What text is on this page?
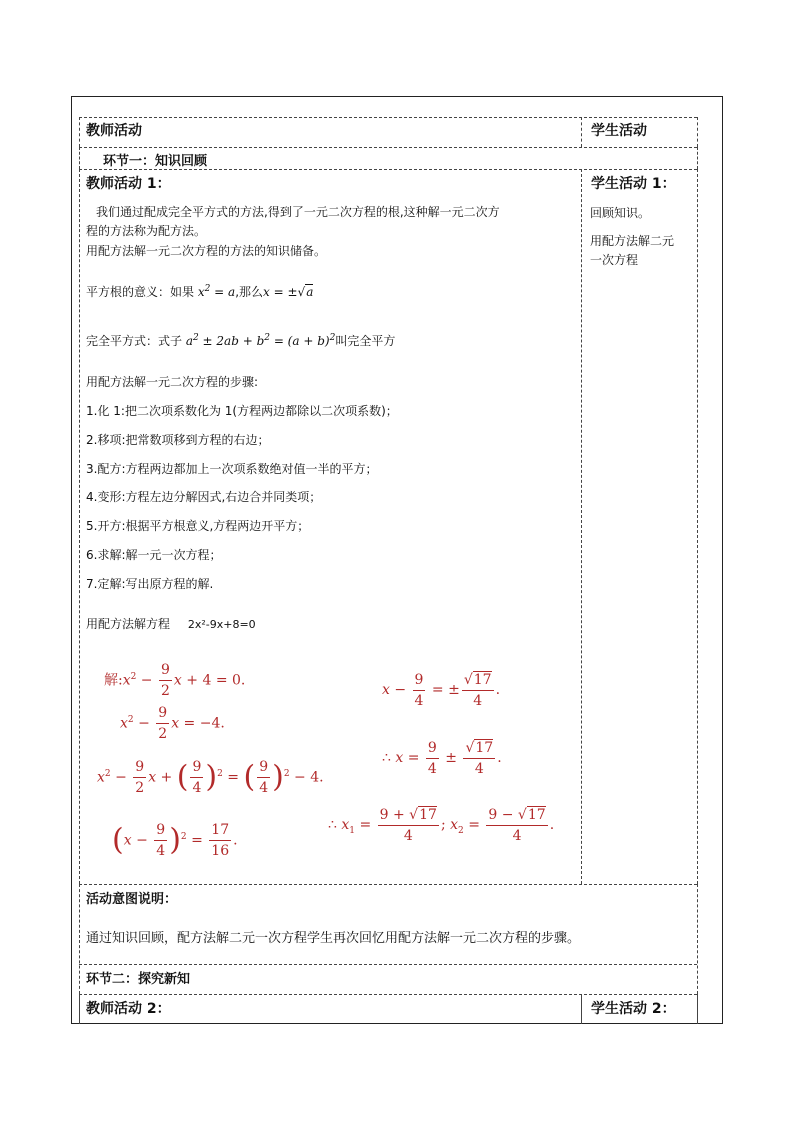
教师活动	学生活动
环节一：知识回顾
教师活动 1：
我们通过配成完全平方式的方法,得到了一元二次方程的根,这种解一元二次方
程的方法称为配方法。
用配方法解一元二次方程的方法的知识储备。
平方根的意义：如果 $x^2 = a$,那么x = ±√a
完全平方式：式子 $a^2 \pm 2ab + b^2 = (a + b)^2$叫完全平方
用配方法解一元二次方程的步骤:
1.化 1:把二次项系数化为 1(方程两边都除以二次项系数)；
2.移项:把常数项移到方程的右边；
3.配方:方程两边都加上一次项系数绝对值一半的平方；
4.变形:方程左边分解因式,右边合并同类项；
5.开方:根据平方根意义,方程两边开平方；
6.求解:解一元一次方程；
7.定解:写出原方程的解.
用配方法解方程 2x²-9x+8=0
解$:x^2 - \frac{9}{2}$ x + 4 = 0.
$x^2 - \frac{9}{2}$ x = −4.
$x^2 - \frac{9}{2}$ x + ( $\frac{9}{4} )^2$ = ( $\frac{9}{4} )^2 - 4$.
$(x - \frac{9}{4} )^2 = \frac{17}{16}$ .
$x - \frac{9}{4}$ = ± $\frac{√17}{4}$ .
∴ $x = \frac{9}{4} \pm \frac{√17}{4}$ .
∴ $x_1 = \frac{9 + √17}{4}$ ; $x_2 = \frac{9 - √17}{4}$ .
学生活动 1：
回顾知识。
用配方法解二元
一次方程
活动意图说明：
通过知识回顾，配方法解二元一次方程学生再次回忆用配方法解一元二次方程的步骤。
环节二：探究新知
教师活动 2：	学生活动 2：
